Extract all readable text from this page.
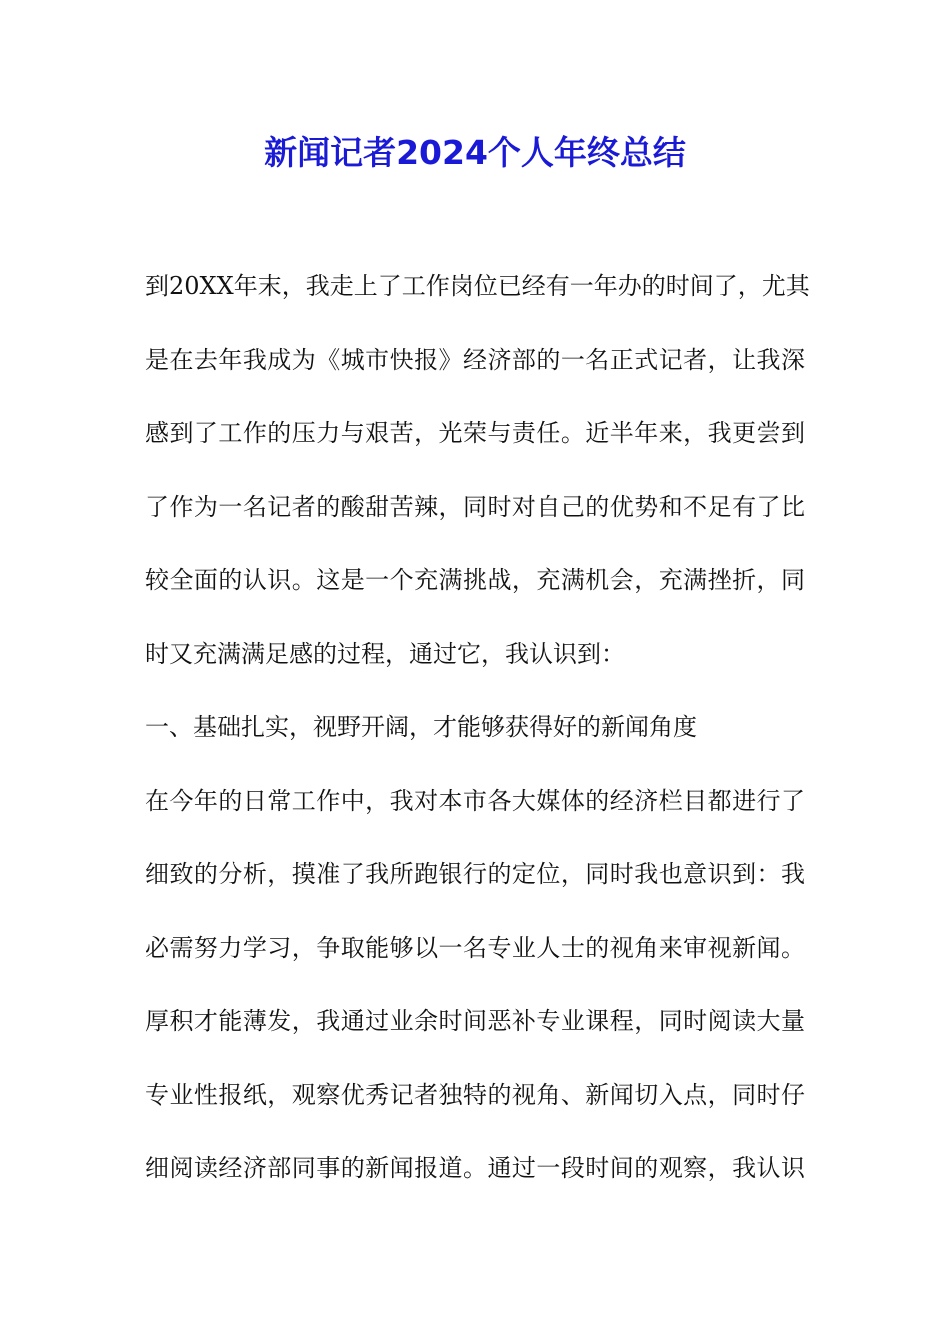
新闻记者2024个人年终总结
到20XX年末，我走上了工作岗位已经有一年办的时间了，尤其
是在去年我成为《城市快报》经济部的一名正式记者，让我深
感到了工作的压力与艰苦，光荣与责任。近半年来，我更尝到
了作为一名记者的酸甜苦辣，同时对自己的优势和不足有了比
较全面的认识。这是一个充满挑战，充满机会，充满挫折，同
时又充满满足感的过程，通过它，我认识到：
一、基础扎实，视野开阔，才能够获得好的新闻角度
在今年的日常工作中，我对本市各大媒体的经济栏目都进行了
细致的分析，摸准了我所跑银行的定位，同时我也意识到：我
必需努力学习，争取能够以一名专业人士的视角来审视新闻。
厚积才能薄发，我通过业余时间恶补专业课程，同时阅读大量
专业性报纸，观察优秀记者独特的视角、新闻切入点，同时仔
细阅读经济部同事的新闻报道。通过一段时间的观察，我认识
